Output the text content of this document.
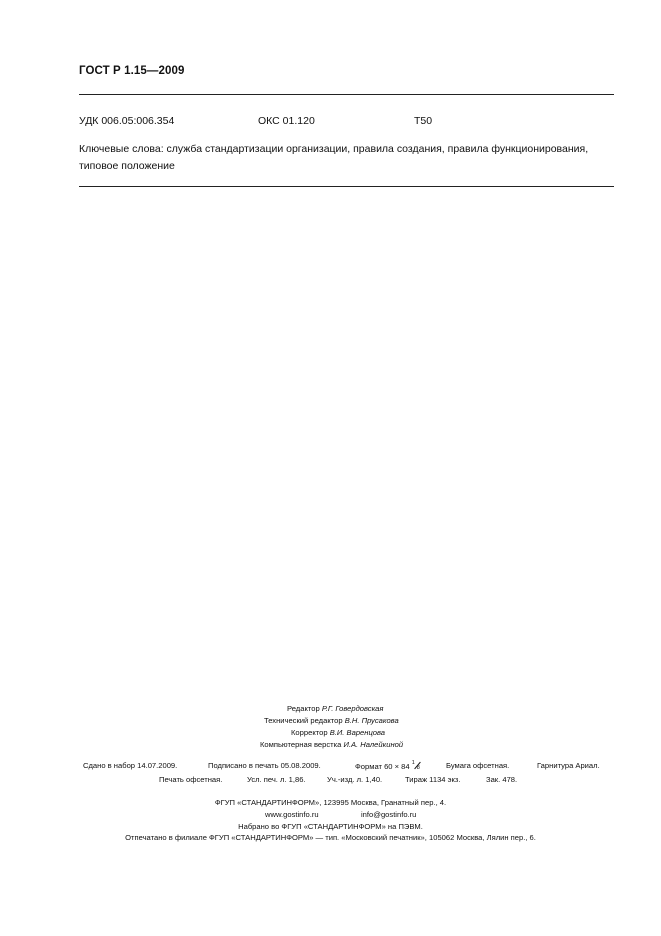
ГОСТ Р 1.15—2009
УДК 006.05:006.354	ОКС 01.120	Т50
Ключевые слова: служба стандартизации организации, правила создания, правила функционирования, типовое положение
Редактор Р.Г. Говердовская
Технический редактор В.Н. Прусакова
Корректор В.И. Варенцова
Компьютерная верстка И.А. Налейкиной
Сдано в набор 14.07.2009.	Подписано в печать 05.08.2009.	Формат 60 × 84 1
8	Бумага офсетная.	Гарнитура Ариал.
Печать офсетная.	Усл. печ. л. 1,86.	Уч.-изд. л. 1,40.	Тираж 1134 экз.	Зак. 478.
ФГУП «СТАНДАРТИНФОРМ», 123995 Москва, Гранатный пер., 4.
www.gostinfo.ru	info@gostinfo.ru
Набрано во ФГУП «СТАНДАРТИНФОРМ» на ПЭВМ.
Отпечатано в филиале ФГУП «СТАНДАРТИНФОРМ» — тип. «Московский печатник», 105062 Москва, Лялин пер., 6.
